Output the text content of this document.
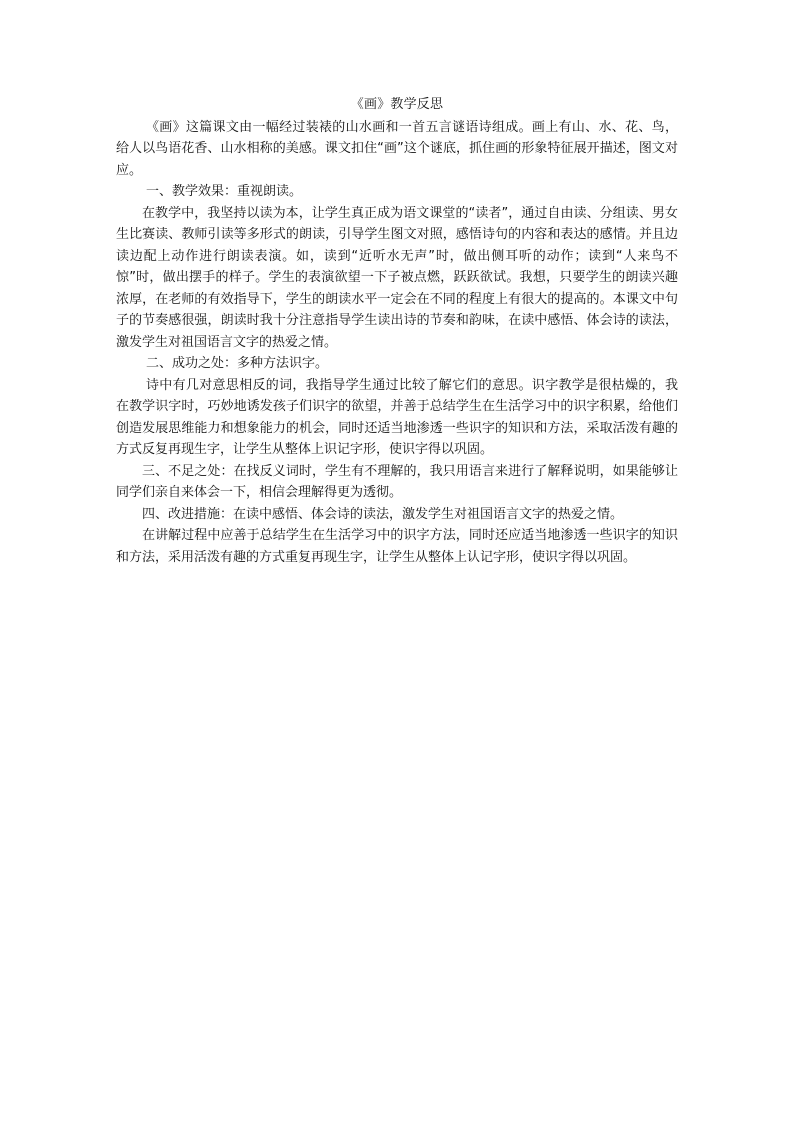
《画》教学反思

《画》这篇课文由一幅经过装裱的山水画和一首五言谜语诗组成。画上有山、水、花、鸟，给人以鸟语花香、山水相称的美感。课文扣住“画”这个谜底，抓住画的形象特征展开描述，图文对应。

一、教学效果：重视朗读。

在教学中，我坚持以读为本，让学生真正成为语文课堂的“读者”，通过自由读、分组读、男女生比赛读、教师引读等多形式的朗读，引导学生图文对照，感悟诗句的内容和表达的感情。并且边读边配上动作进行朗读表演。如，读到“近听水无声”时，做出侧耳听的动作；读到“人来鸟不惊”时，做出摆手的样子。学生的表演欲望一下子被点燃，跃跃欲试。我想，只要学生的朗读兴趣浓厚，在老师的有效指导下，学生的朗读水平一定会在不同的程度上有很大的提高的。本课文中句子的节奏感很强，朗读时我十分注意指导学生读出诗的节奏和韵味，在读中感悟、体会诗的读法，激发学生对祖国语言文字的热爱之情。

二、成功之处：多种方法识字。

诗中有几对意思相反的词，我指导学生通过比较了解它们的意思。识字教学是很枯燥的，我在教学识字时，巧妙地诱发孩子们识字的欲望，并善于总结学生在生活学习中的识字积累，给他们创造发展思维能力和想象能力的机会，同时还适当地渗透一些识字的知识和方法，采取活泼有趣的方式反复再现生字，让学生从整体上识记字形，使识字得以巩固。

三、不足之处：在找反义词时，学生有不理解的，我只用语言来进行了解释说明，如果能够让同学们亲自来体会一下，相信会理解得更为透彻。

四、改进措施：在读中感悟、体会诗的读法，激发学生对祖国语言文字的热爱之情。

在讲解过程中应善于总结学生在生活学习中的识字方法，同时还应适当地渗透一些识字的知识和方法，采用活泼有趣的方式重复再现生字，让学生从整体上认记字形，使识字得以巩固。
